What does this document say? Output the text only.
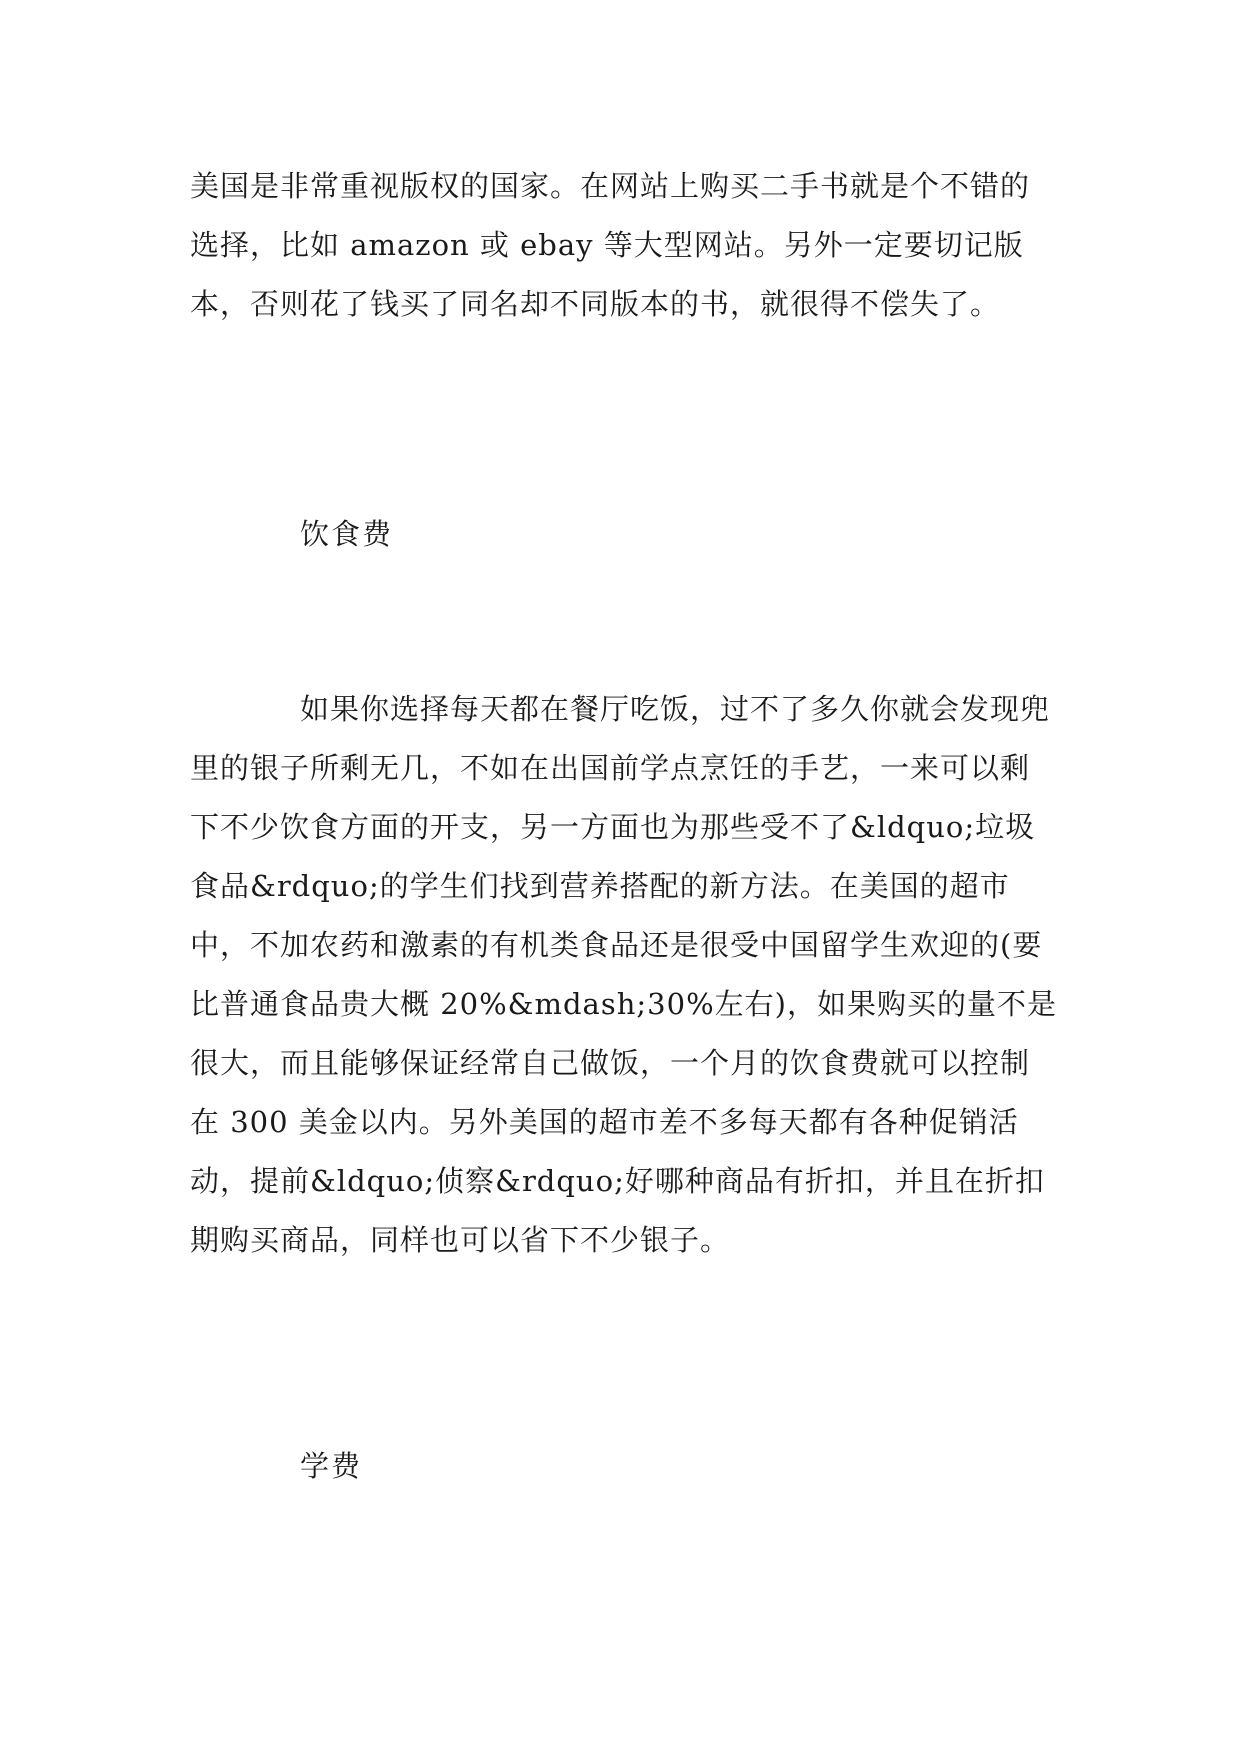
美国是非常重视版权的国家。在网站上购买二手书就是个不错的选择，比如 amazon 或 ebay 等大型网站。另外一定要切记版本，否则花了钱买了同名却不同版本的书，就很得不偿失了。

饮食费

如果你选择每天都在餐厅吃饭，过不了多久你就会发现兜里的银子所剩无几，不如在出国前学点烹饪的手艺，一来可以剩下不少饮食方面的开支，另一方面也为那些受不了&ldquo;垃圾食品&rdquo;的学生们找到营养搭配的新方法。在美国的超市中，不加农药和激素的有机类食品还是很受中国留学生欢迎的(要比普通食品贵大概 20%&mdash;30%左右)，如果购买的量不是很大，而且能够保证经常自己做饭，一个月的饮食费就可以控制在 300 美金以内。另外美国的超市差不多每天都有各种促销活动，提前&ldquo;侦察&rdquo;好哪种商品有折扣，并且在折扣期购买商品，同样也可以省下不少银子。

学费
